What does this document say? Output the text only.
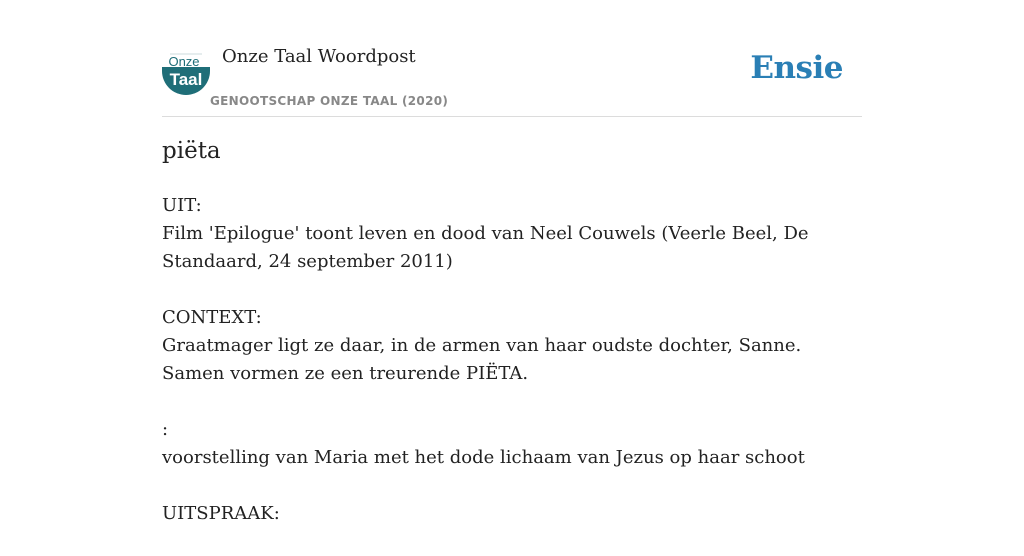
Onze
Taal
Onze Taal Woordpost
GENOOTSCHAP ONZE TAAL (2020)
Ensie
piëta
UIT:
Film 'Epilogue' toont leven en dood van Neel Couwels (Veerle Beel, De Standaard, 24 september 2011)
CONTEXT:
Graatmager ligt ze daar, in de armen van haar oudste dochter, Sanne. Samen vormen ze een treurende PIËTA.
:
voorstelling van Maria met het dode lichaam van Jezus op haar schoot
UITSPRAAK:
